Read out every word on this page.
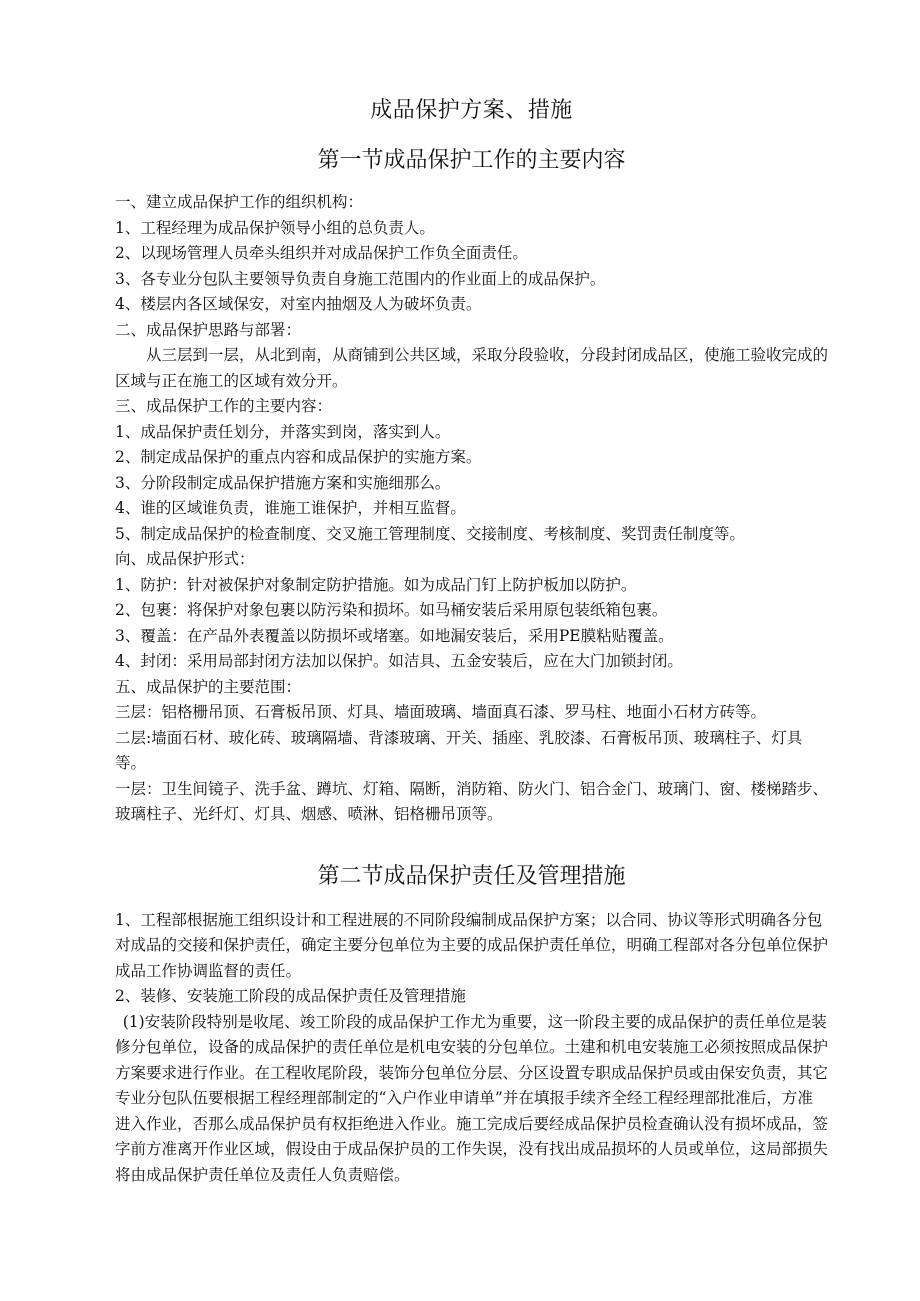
成品保护方案、措施
第一节成品保护工作的主要内容

一、建立成品保护工作的组织机构：

1、工程经理为成品保护领导小组的总负责人。

2、以现场管理人员牵头组织并对成品保护工作负全面责任。

3、各专业分包队主要领导负责自身施工范围内的作业面上的成品保护。

4、楼层内各区域保安，对室内抽烟及人为破坏负责。

二、成品保护思路与部署：

从三层到一层，从北到南，从商铺到公共区域，采取分段验收，分段封闭成品区，使施工验收完成的区域与正在施工的区域有效分开。

三、成品保护工作的主要内容：

1、成品保护责任划分，并落实到岗，落实到人。

2、制定成品保护的重点内容和成品保护的实施方案。

3、分阶段制定成品保护措施方案和实施细那么。

4、谁的区域谁负责，谁施工谁保护，并相互监督。

5、制定成品保护的检查制度、交叉施工管理制度、交接制度、考核制度、奖罚责任制度等。

向、成品保护形式：

1、防护：针对被保护对象制定防护措施。如为成品门钉上防护板加以防护。

2、包裹：将保护对象包裹以防污染和损坏。如马桶安装后采用原包装纸箱包裹。

3、覆盖：在产品外表覆盖以防损坏或堵塞。如地漏安装后，采用PE膜粘贴覆盖。

4、封闭：采用局部封闭方法加以保护。如洁具、五金安装后，应在大门加锁封闭。

五、成品保护的主要范围：

三层：铝格栅吊顶、石膏板吊顶、灯具、墙面玻璃、墙面真石漆、罗马柱、地面小石材方砖等。

二层:墙面石材、玻化砖、玻璃隔墙、背漆玻璃、开关、插座、乳胶漆、石膏板吊顶、玻璃柱子、灯具等。

一层：卫生间镜子、洗手盆、蹲坑、灯箱、隔断，消防箱、防火门、铝合金门、玻璃门、窗、楼梯踏步、玻璃柱子、光纤灯、灯具、烟感、喷淋、铝格栅吊顶等。

第二节成品保护责任及管理措施

1、工程部根据施工组织设计和工程进展的不同阶段编制成品保护方案；以合同、协议等形式明确各分包对成品的交接和保护责任，确定主要分包单位为主要的成品保护责任单位，明确工程部对各分包单位保护成品工作协调监督的责任。

2、装修、安装施工阶段的成品保护责任及管理措施

(1)安装阶段特别是收尾、竣工阶段的成品保护工作尤为重要，这一阶段主要的成品保护的责任单位是装修分包单位，设备的成品保护的责任单位是机电安装的分包单位。土建和机电安装施工必须按照成品保护方案要求进行作业。在工程收尾阶段，装饰分包单位分层、分区设置专职成品保护员或由保安负责，其它专业分包队伍要根据工程经理部制定的“入户作业申请单”并在填报手续齐全经工程经理部批准后，方准进入作业，否那么成品保护员有权拒绝进入作业。施工完成后要经成品保护员检查确认没有损坏成品，签字前方准离开作业区域，假设由于成品保护员的工作失误，没有找出成品损坏的人员或单位，这局部损失将由成品保护责任单位及责任人负责赔偿。
